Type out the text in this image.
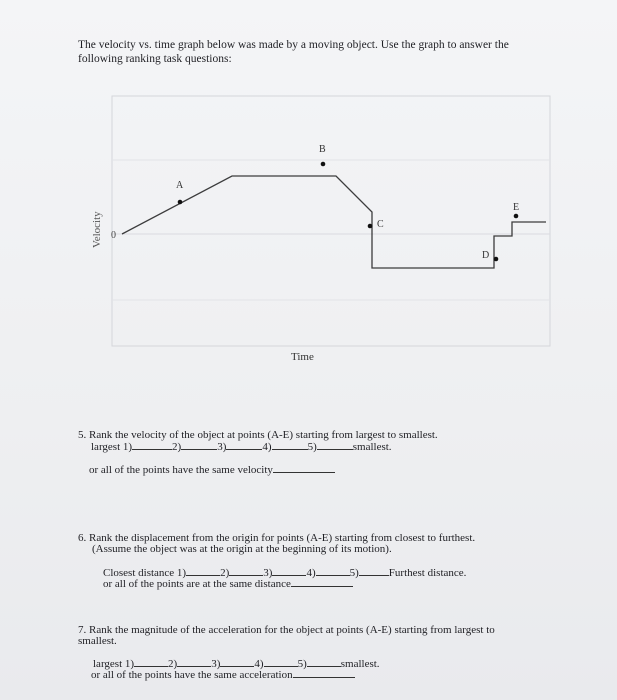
The velocity vs. time graph below was made by a moving object. Use the graph to answer the
following ranking task questions:
Velocity 0
Time
A
B
C
D
E
5. Rank the velocity of the object at points (A-E) starting from largest to smallest.
largest 1)	2)	3)	4)	5)	smallest.
or all of the points have the same velocity
6. Rank the displacement from the origin for points (A-E) starting from closest to furthest.
(Assume the object was at the origin at the beginning of its motion).
Closest distance 1)	2)	3)	4)	5)	Furthest distance.
or all of the points are at the same distance
7. Rank the magnitude of the acceleration for the object at points (A-E) starting from largest to
smallest.
largest 1)	2)	3)	4)	5)	smallest.
or all of the points have the same acceleration
